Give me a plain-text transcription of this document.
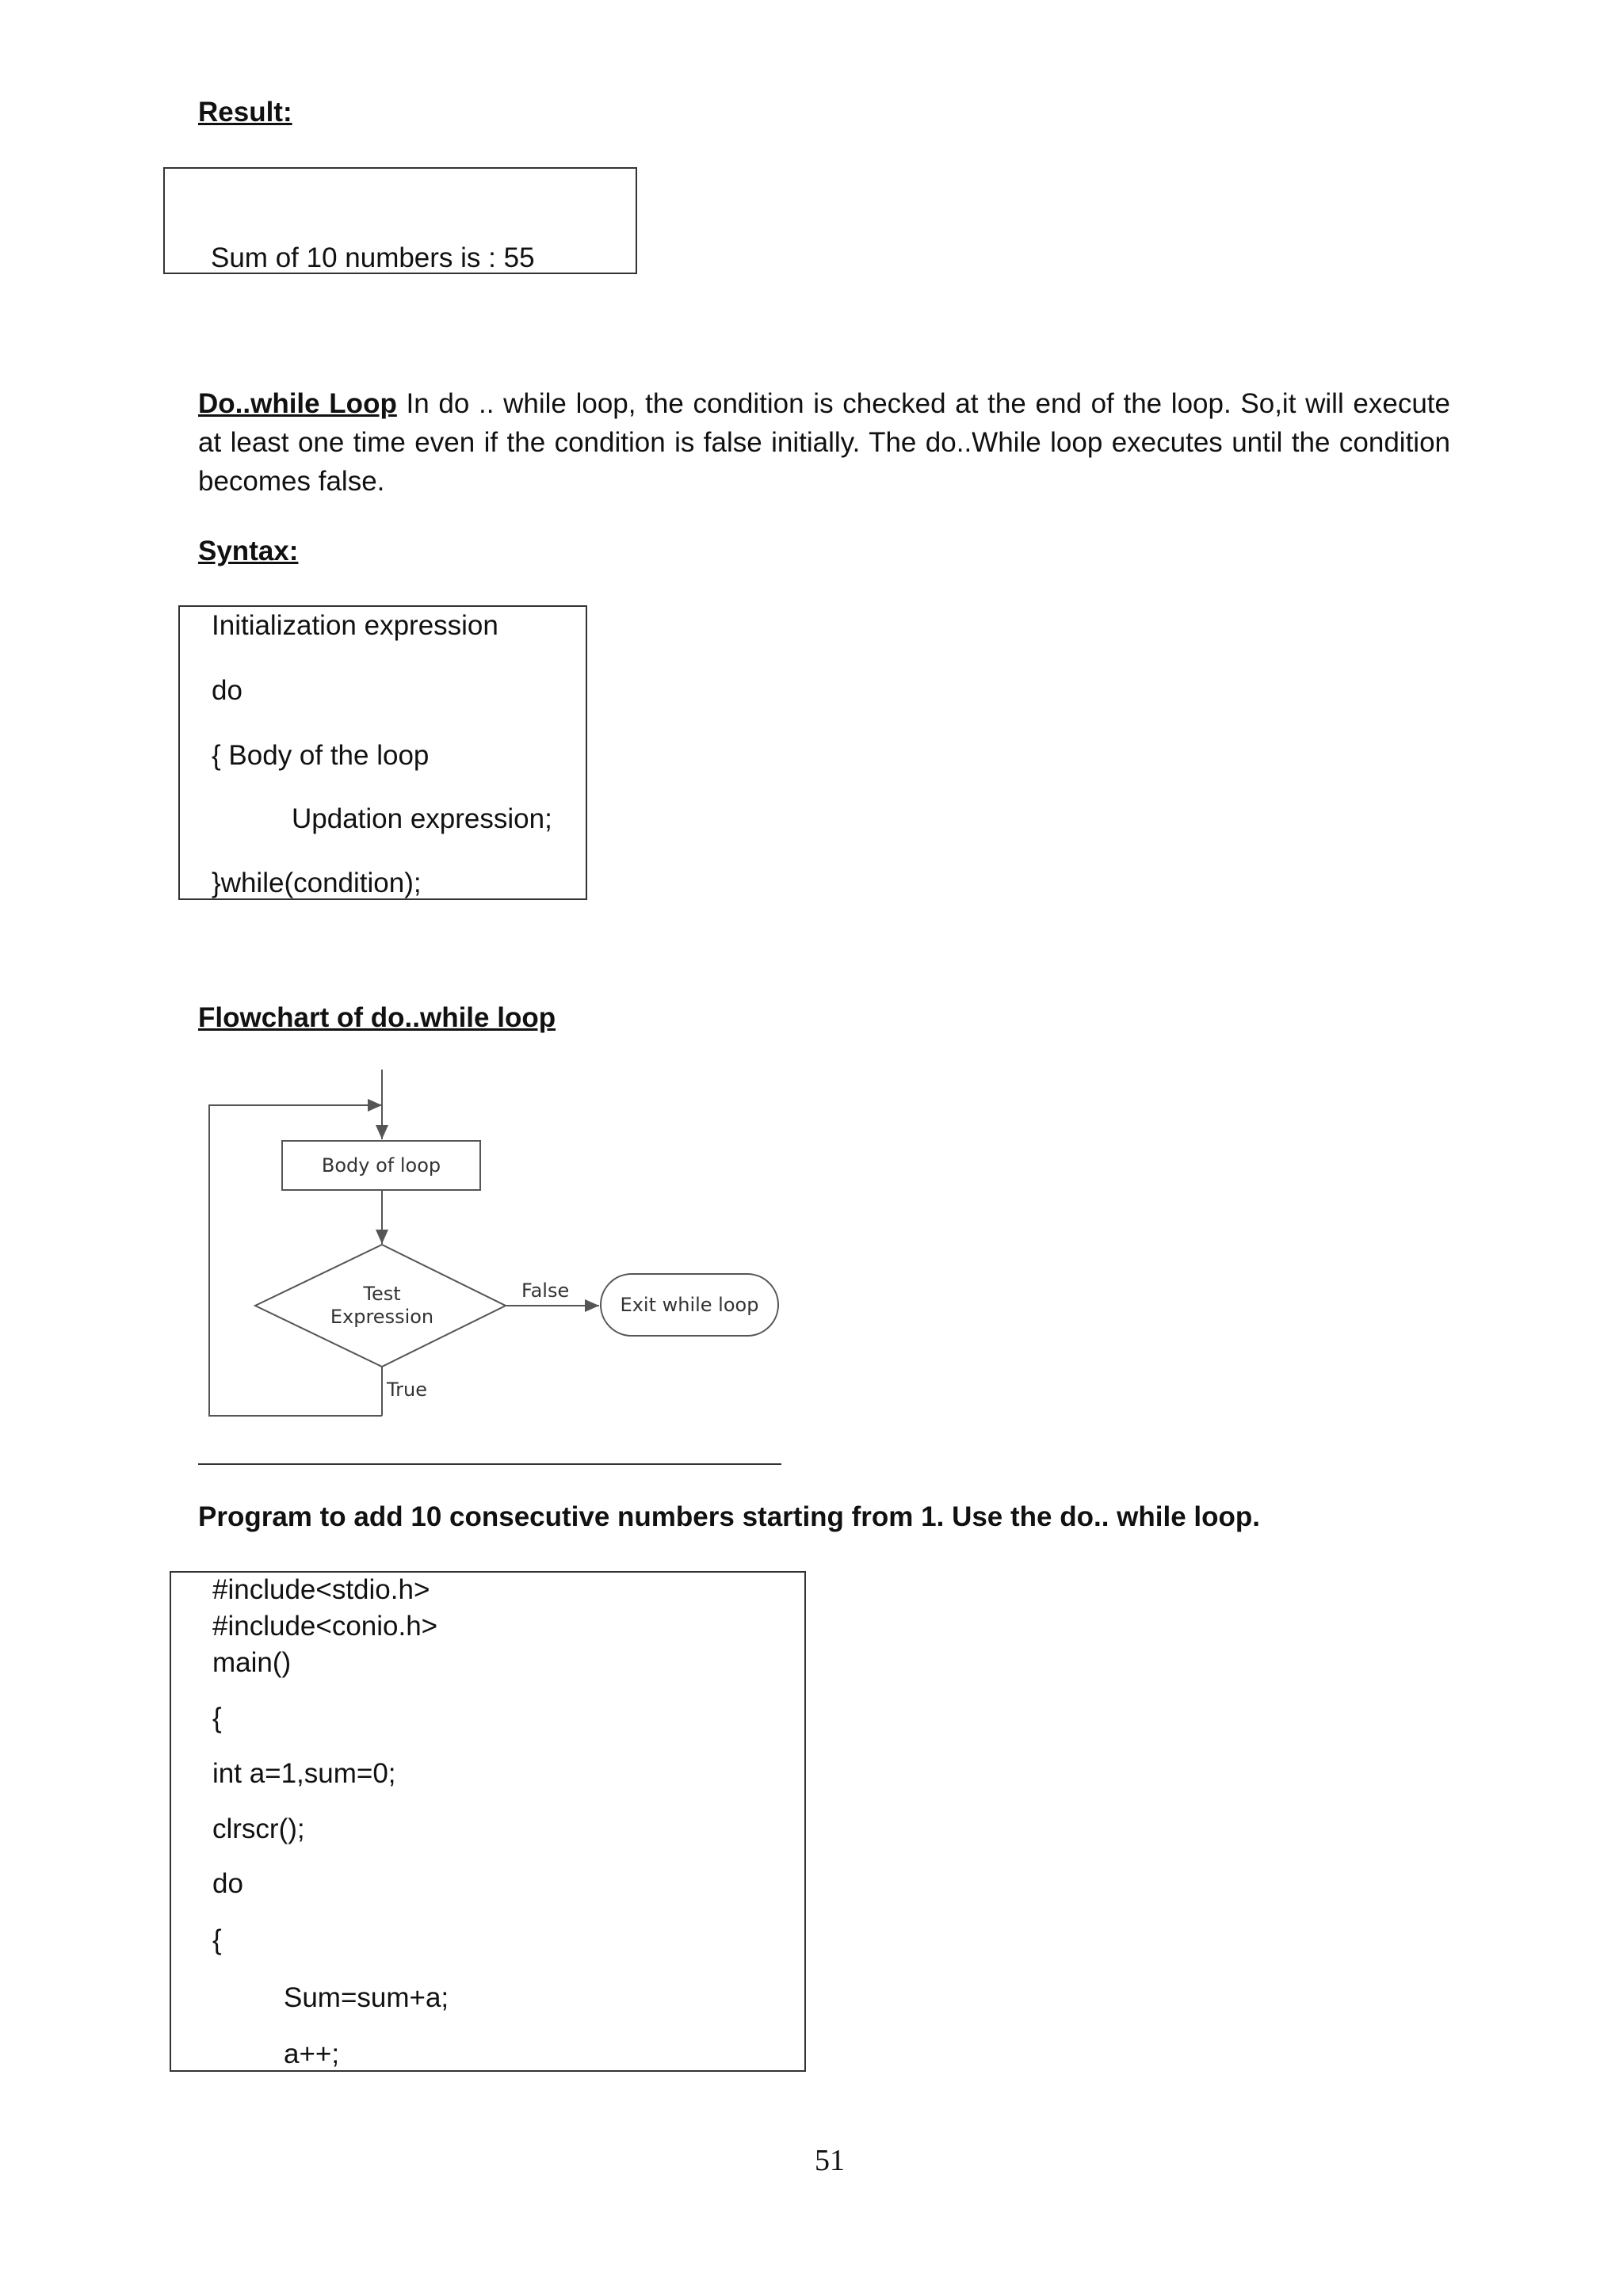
Result:
Sum of 10 numbers is : 55
Do..while Loop In do .. while loop, the condition is checked at the end of the loop. So,it will execute at least one time even if the condition is false initially. The do..While loop executes until the condition becomes false.
Syntax:
Initialization expression
do
{ Body of the loop
Updation expression;
}while(condition);
Flowchart of do..while loop
Body of loop
Test
Expression
False
Exit while loop
True
Program to add 10 consecutive numbers starting from 1. Use the do.. while loop.
#include<stdio.h>
#include<conio.h>
main()
{
int a=1,sum=0;
clrscr();
do
{
Sum=sum+a;
a++;
51
